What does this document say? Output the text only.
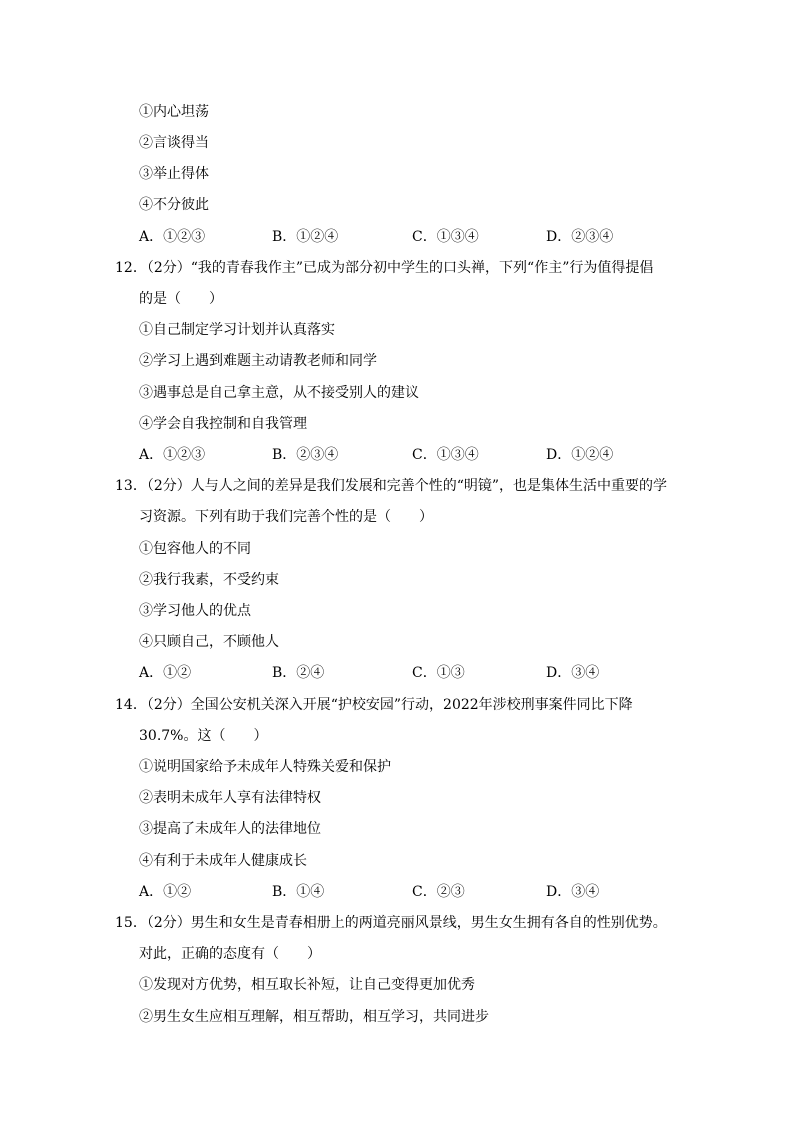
①内心坦荡
②言谈得当
③举止得体
④不分彼此
A．①②③	B．①②④	C．①③④	D．②③④
12．（2分）“我的青春我作主”已成为部分初中学生的口头禅，下列“作主”行为值得提倡
的是（　　）
①自己制定学习计划并认真落实
②学习上遇到难题主动请教老师和同学
③遇事总是自己拿主意，从不接受别人的建议
④学会自我控制和自我管理
A．①②③	B．②③④	C．①③④	D．①②④
13．（2分）人与人之间的差异是我们发展和完善个性的“明镜”，也是集体生活中重要的学
习资源。下列有助于我们完善个性的是（　　）
①包容他人的不同
②我行我素，不受约束
③学习他人的优点
④只顾自己，不顾他人
A．①②	B．②④	C．①③	D．③④
14．（2分）全国公安机关深入开展“护校安园”行动，2022年涉校刑事案件同比下降
30.7%。这（　　）
①说明国家给予未成年人特殊关爱和保护
②表明未成年人享有法律特权
③提高了未成年人的法律地位
④有利于未成年人健康成长
A．①②	B．①④	C．②③	D．③④
15．（2分）男生和女生是青春相册上的两道亮丽风景线，男生女生拥有各自的性别优势。
对此，正确的态度有（　　）
①发现对方优势，相互取长补短，让自己变得更加优秀
②男生女生应相互理解，相互帮助，相互学习，共同进步
